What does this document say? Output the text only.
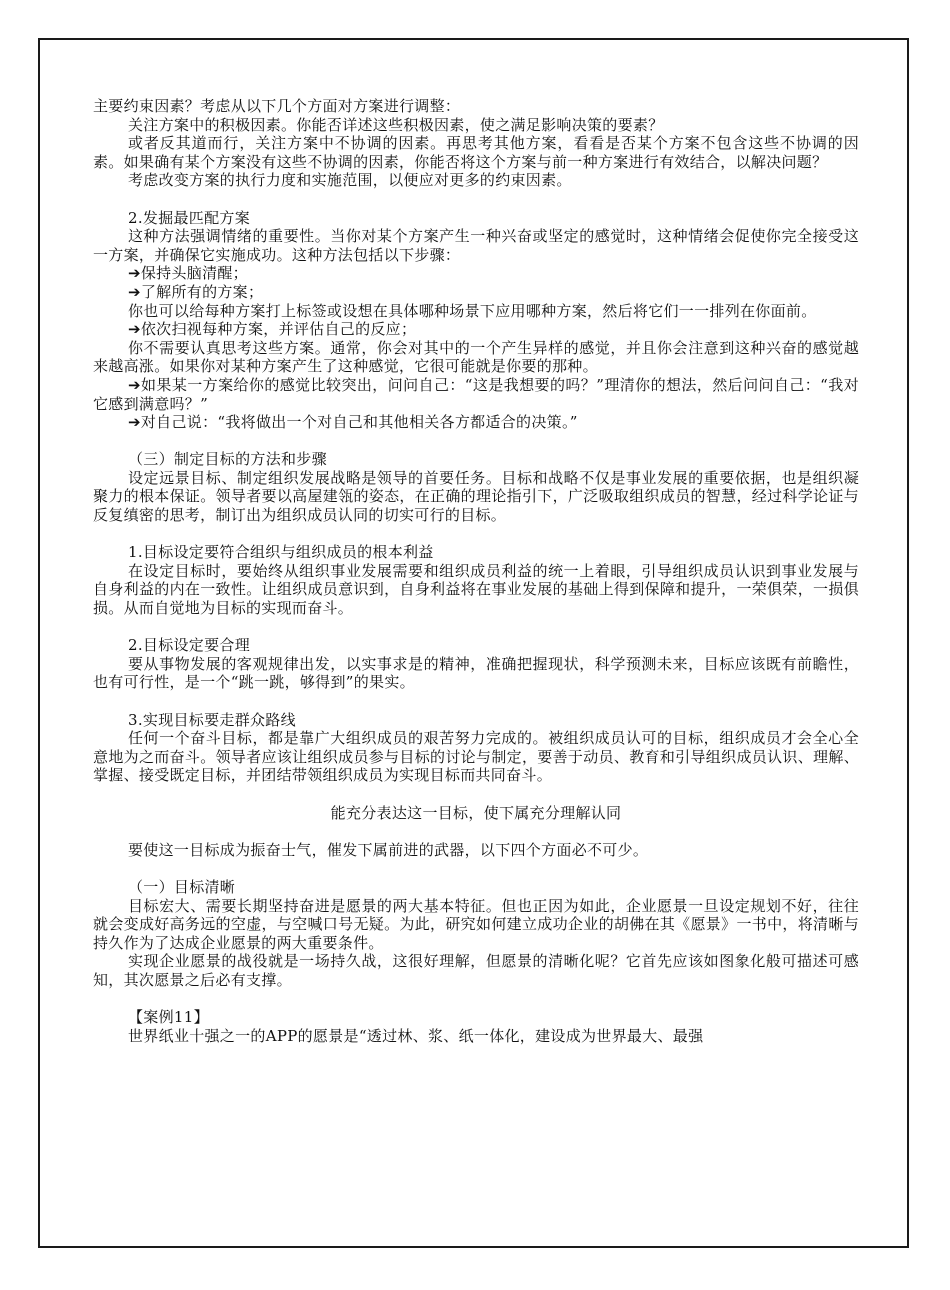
主要约束因素？考虑从以下几个方面对方案进行调整：

关注方案中的积极因素。你能否详述这些积极因素，使之满足影响决策的要素？

或者反其道而行，关注方案中不协调的因素。再思考其他方案，看看是否某个方案不包含这些不协调的因素。如果确有某个方案没有这些不协调的因素，你能否将这个方案与前一种方案进行有效结合，以解决问题？

考虑改变方案的执行力度和实施范围，以便应对更多的约束因素。

2.发掘最匹配方案

这种方法强调情绪的重要性。当你对某个方案产生一种兴奋或坚定的感觉时，这种情绪会促使你完全接受这一方案，并确保它实施成功。这种方法包括以下步骤：

➔保持头脑清醒；

➔了解所有的方案；

你也可以给每种方案打上标签或设想在具体哪种场景下应用哪种方案，然后将它们一一排列在你面前。

➔依次扫视每种方案，并评估自己的反应；

你不需要认真思考这些方案。通常，你会对其中的一个产生异样的感觉，并且你会注意到这种兴奋的感觉越来越高涨。如果你对某种方案产生了这种感觉，它很可能就是你要的那种。

➔如果某一方案给你的感觉比较突出，问问自己：“这是我想要的吗？”理清你的想法，然后问问自己：“我对它感到满意吗？”

➔对自己说：“我将做出一个对自己和其他相关各方都适合的决策。”

（三）制定目标的方法和步骤

设定远景目标、制定组织发展战略是领导的首要任务。目标和战略不仅是事业发展的重要依据，也是组织凝聚力的根本保证。领导者要以高屋建瓴的姿态，在正确的理论指引下，广泛吸取组织成员的智慧，经过科学论证与反复缜密的思考，制订出为组织成员认同的切实可行的目标。

1.目标设定要符合组织与组织成员的根本利益

在设定目标时，要始终从组织事业发展需要和组织成员利益的统一上着眼，引导组织成员认识到事业发展与自身利益的内在一致性。让组织成员意识到，自身利益将在事业发展的基础上得到保障和提升，一荣俱荣，一损俱损。从而自觉地为目标的实现而奋斗。

2.目标设定要合理

要从事物发展的客观规律出发，以实事求是的精神，准确把握现状，科学预测未来，目标应该既有前瞻性，也有可行性，是一个“跳一跳，够得到”的果实。

3.实现目标要走群众路线

任何一个奋斗目标，都是靠广大组织成员的艰苦努力完成的。被组织成员认可的目标，组织成员才会全心全意地为之而奋斗。领导者应该让组织成员参与目标的讨论与制定，要善于动员、教育和引导组织成员认识、理解、掌握、接受既定目标，并团结带领组织成员为实现目标而共同奋斗。

能充分表达这一目标，使下属充分理解认同

要使这一目标成为振奋士气，催发下属前进的武器，以下四个方面必不可少。

（一）目标清晰

目标宏大、需要长期坚持奋进是愿景的两大基本特征。但也正因为如此，企业愿景一旦设定规划不好，往往就会变成好高务远的空虚，与空喊口号无疑。为此，研究如何建立成功企业的胡佛在其《愿景》一书中，将清晰与持久作为了达成企业愿景的两大重要条件。

实现企业愿景的战役就是一场持久战，这很好理解，但愿景的清晰化呢？它首先应该如图象化般可描述可感知，其次愿景之后必有支撑。

【案例11】

世界纸业十强之一的APP的愿景是“透过林、浆、纸一体化，建设成为世界最大、最强
